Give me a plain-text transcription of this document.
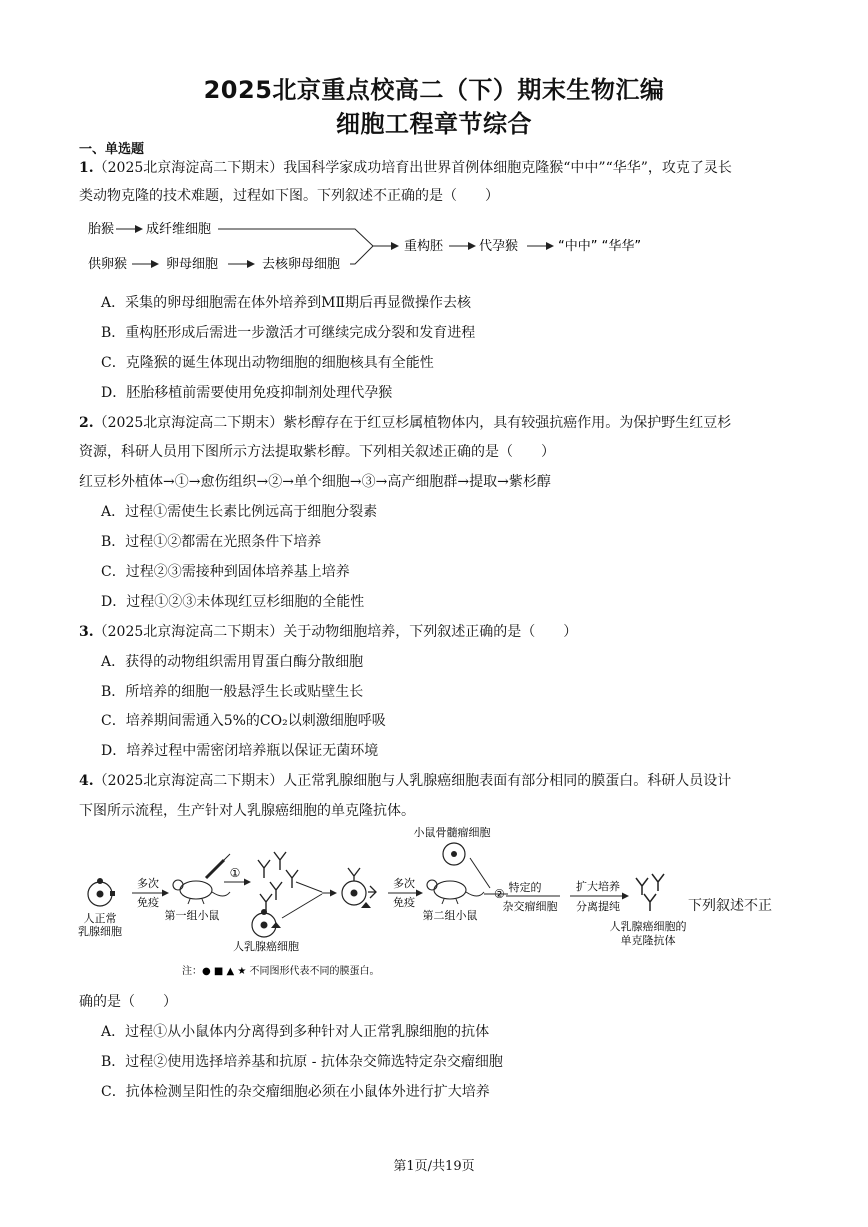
2025北京重点校高二（下）期末生物汇编
细胞工程章节综合
一、单选题
1.（2025北京海淀高二下期末）我国科学家成功培育出世界首例体细胞克隆猴“中中”“华华”，攻克了灵长
类动物克隆的技术难题，过程如下图。下列叙述不正确的是（　　）
胎猴 成纤维细胞
供卵猴	卵母细胞	去核卵母细胞
重构胚	代孕猴	“中中” “华华”
A．采集的卵母细胞需在体外培养到MⅡ期后再显微操作去核
B．重构胚形成后需进一步激活才可继续完成分裂和发育进程
C．克隆猴的诞生体现出动物细胞的细胞核具有全能性
D．胚胎移植前需要使用免疫抑制剂处理代孕猴
2.（2025北京海淀高二下期末）紫杉醇存在于红豆杉属植物体内，具有较强抗癌作用。为保护野生红豆杉
资源，科研人员用下图所示方法提取紫杉醇。下列相关叙述正确的是（　　）
红豆杉外植体→①→愈伤组织→②→单个细胞→③→高产细胞群→提取→紫杉醇
A．过程①需使生长素比例远高于细胞分裂素
B．过程①②都需在光照条件下培养
C．过程②③需接种到固体培养基上培养
D．过程①②③未体现红豆杉细胞的全能性
3.（2025北京海淀高二下期末）关于动物细胞培养，下列叙述正确的是（　　）
A．获得的动物组织需用胃蛋白酶分散细胞
B．所培养的细胞一般悬浮生长或贴壁生长
C．培养期间需通入5%的CO₂以刺激细胞呼吸
D．培养过程中需密闭培养瓶以保证无菌环境
4.（2025北京海淀高二下期末）人正常乳腺细胞与人乳腺癌细胞表面有部分相同的膜蛋白。科研人员设计
下图所示流程，生产针对人乳腺癌细胞的单克隆抗体。
人正常
乳腺细胞
多次
免疫
第一组小鼠
①
人乳腺癌细胞
多次
免疫
第二组小鼠
小鼠骨髓瘤细胞
② 特定的
杂交瘤细胞
扩大培养
分离提纯
人乳腺癌细胞的
单克隆抗体
注：● ■ ▲ ★ 不同图形代表不同的膜蛋白。
下列叙述不正
确的是（　　）
A．过程①从小鼠体内分离得到多种针对人正常乳腺细胞的抗体
B．过程②使用选择培养基和抗原 - 抗体杂交筛选特定杂交瘤细胞
C．抗体检测呈阳性的杂交瘤细胞必须在小鼠体外进行扩大培养
第1页/共19页
